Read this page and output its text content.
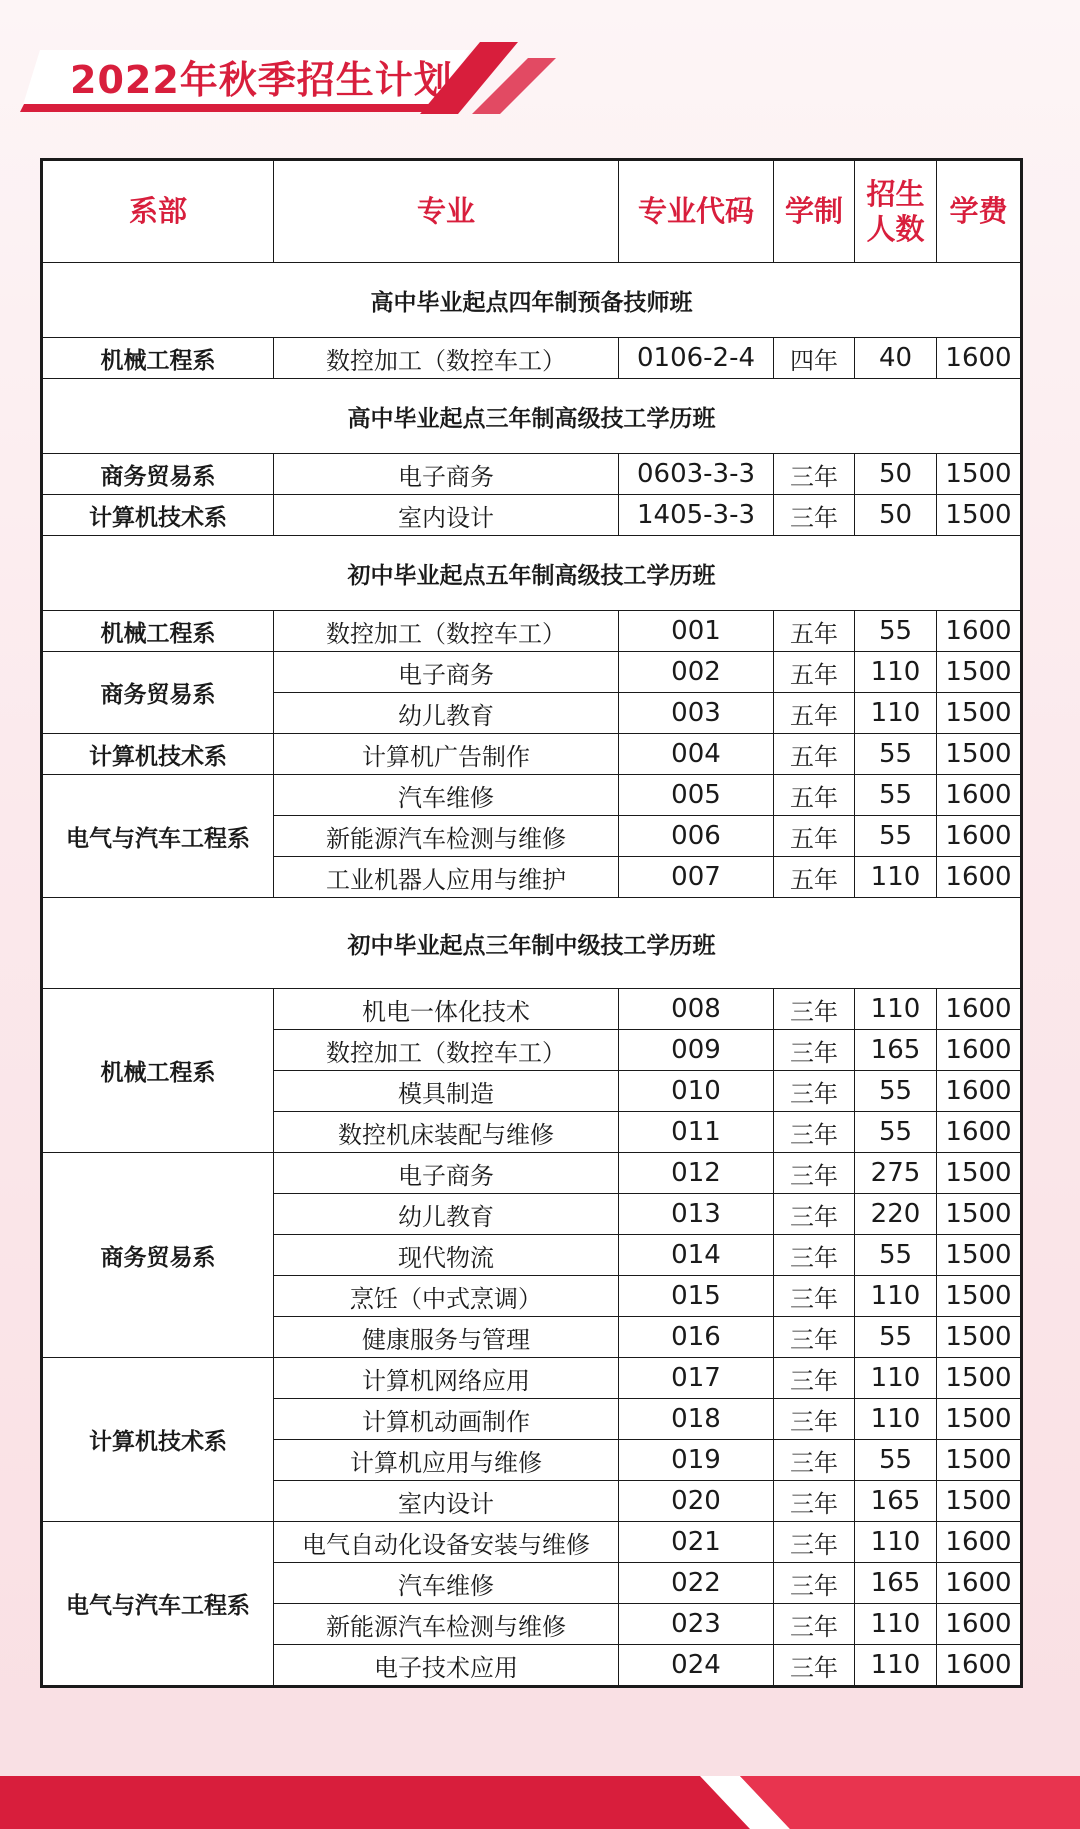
2022年秋季招生计划
系部	专业	专业代码	学制	招生人数	学费
高中毕业起点四年制预备技师班					
机械工程系	数控加工（数控车工）	0106-2-4	四年	40	1600
高中毕业起点三年制高级技工学历班					
商务贸易系	电子商务	0603-3-3	三年	50	1500
计算机技术系	室内设计	1405-3-3	三年	50	1500
初中毕业起点五年制高级技工学历班					
机械工程系	数控加工（数控车工）	001	五年	55	1600
商务贸易系	电子商务	002	五年	110	1500
	幼儿教育	003	五年	110	1500
计算机技术系	计算机广告制作	004	五年	55	1500
电气与汽车工程系	汽车维修	005	五年	55	1600
	新能源汽车检测与维修	006	五年	55	1600
	工业机器人应用与维护	007	五年	110	1600
初中毕业起点三年制中级技工学历班					
机械工程系	机电一体化技术	008	三年	110	1600
	数控加工（数控车工）	009	三年	165	1600
	模具制造	010	三年	55	1600
	数控机床装配与维修	011	三年	55	1600
商务贸易系	电子商务	012	三年	275	1500
	幼儿教育	013	三年	220	1500
	现代物流	014	三年	55	1500
	烹饪（中式烹调）	015	三年	110	1500
	健康服务与管理	016	三年	55	1500
计算机技术系	计算机网络应用	017	三年	110	1500
	计算机动画制作	018	三年	110	1500
	计算机应用与维修	019	三年	55	1500
	室内设计	020	三年	165	1500
电气与汽车工程系	电气自动化设备安装与维修	021	三年	110	1600
	汽车维修	022	三年	165	1600
	新能源汽车检测与维修	023	三年	110	1600
	电子技术应用	024	三年	110	1600
